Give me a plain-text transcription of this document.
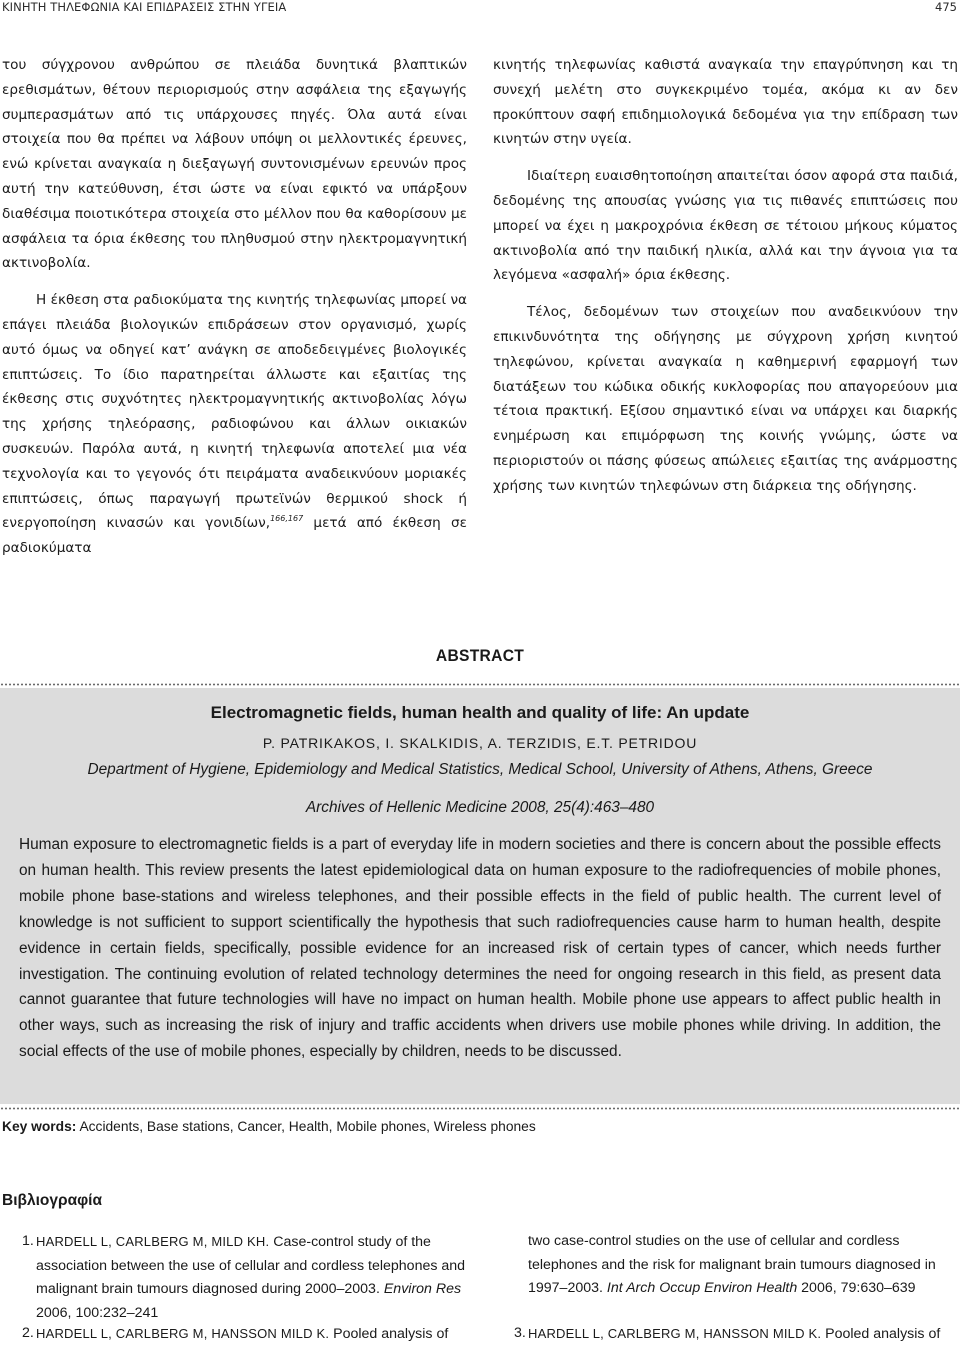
ΚΙΝΗΤΗ ΤΗΛΕΦΩΝΙΑ ΚΑΙ ΕΠΙΔΡΑΣΕΙΣ ΣΤΗΝ ΥΓΕΙΑ	475

του σύγχρονου ανθρώπου σε πλειάδα δυνητικά βλαπτικών ερεθισμάτων, θέτουν περιορισμούς στην ασφάλεια της εξαγωγής συμπερασμάτων από τις υπάρχουσες πηγές. Όλα αυτά είναι στοιχεία που θα πρέπει να λάβουν υπόψη οι μελλοντικές έρευνες, ενώ κρίνεται αναγκαία η διεξαγωγή συντονισμένων ερευνών προς αυτή την κατεύθυνση, έτσι ώστε να είναι εφικτό να υπάρξουν διαθέσιμα ποιοτικότερα στοιχεία στο μέλλον που θα καθορίσουν με ασφάλεια τα όρια έκθεσης του πληθυσμού στην ηλεκτρομαγνητική ακτινοβολία.

Η έκθεση στα ραδιοκύματα της κινητής τηλεφωνίας μπορεί να επάγει πλειάδα βιολογικών επιδράσεων στον οργανισμό, χωρίς αυτό όμως να οδηγεί κατ’ ανάγκη σε αποδεδειγμένες βιολογικές επιπτώσεις. Το ίδιο παρατηρείται άλλωστε και εξαιτίας της έκθεσης στις συχνότητες ηλεκτρομαγνητικής ακτινοβολίας λόγω της χρήσης τηλεόρασης, ραδιοφώνου και άλλων οικιακών συσκευών. Παρόλα αυτά, η κινητή τηλεφωνία αποτελεί μια νέα τεχνολογία και το γεγονός ότι πειράματα αναδεικνύουν μοριακές επιπτώσεις, όπως παραγωγή πρωτεϊνών θερμικού shock ή ενεργοποίηση κινασών και γονιδίων,$^{166,167}$ μετά από έκθεση σε ραδιοκύματα

κινητής τηλεφωνίας καθιστά αναγκαία την επαγρύπνηση και τη συνεχή μελέτη στο συγκεκριμένο τομέα, ακόμα κι αν δεν προκύπτουν σαφή επιδημιολογικά δεδομένα για την επίδραση των κινητών στην υγεία.

Ιδιαίτερη ευαισθητοποίηση απαιτείται όσον αφορά στα παιδιά, δεδομένης της απουσίας γνώσης για τις πιθανές επιπτώσεις που μπορεί να έχει η μακροχρόνια έκθεση σε τέτοιου μήκους κύματος ακτινοβολία από την παιδική ηλικία, αλλά και την άγνοια για τα λεγόμενα «ασφαλή» όρια έκθεσης.

Τέλος, δεδομένων των στοιχείων που αναδεικνύουν την επικινδυνότητα της οδήγησης με σύγχρονη χρήση κινητού τηλεφώνου, κρίνεται αναγκαία η καθημερινή εφαρμογή των διατάξεων του κώδικα οδικής κυκλοφορίας που απαγορεύουν μια τέτοια πρακτική. Εξίσου σημαντικό είναι να υπάρχει και διαρκής ενημέρωση και επιμόρφωση της κοινής γνώμης, ώστε να περιοριστούν οι πάσης φύσεως απώλειες εξαιτίας της ανάρμοστης χρήσης των κινητών τηλεφώνων στη διάρκεια της οδήγησης.

ABSTRACT
Electromagnetic fields, human health and quality of life: An update
P. PATRIKAKOS, I. SKALKIDIS, A. TERZIDIS, E.T. PETRIDOU
Department of Hygiene, Epidemiology and Medical Statistics, Medical School, University of Athens, Athens, Greece
Archives of Hellenic Medicine 2008, 25(4):463–480
Human exposure to electromagnetic fields is a part of everyday life in modern societies and there is concern about the possible effects on human health. This review presents the latest epidemiological data on human exposure to the radiofrequencies of mobile phones, mobile phone base-stations and wireless telephones, and their possible effects in the field of public health. The current level of knowledge is not sufficient to support scientifically the hypothesis that such radiofrequencies cause harm to human health, despite evidence in certain fields, specifically, possible evidence for an increased risk of certain types of cancer, which needs further investigation. The continuing evolution of related technology determines the need for ongoing research in this field, as present data cannot guarantee that future technologies will have no impact on human health. Mobile phone use appears to affect public health in other ways, such as increasing the risk of injury and traffic accidents when drivers use mobile phones while driving. In addition, the social effects of the use of mobile phones, especially by children, needs to be discussed.
Key words: Accidents, Base stations, Cancer, Health, Mobile phones, Wireless phones
Βιβλιογραφία
1. HARDELL L, CARLBERG M, MILD KH. Case-control study of the association between the use of cellular and cordless telephones and malignant brain tumours diagnosed during 2000–2003. Environ Res 2006, 100:232–241
2. HARDELL L, CARLBERG M, HANSSON MILD K. Pooled analysis of
two case-control studies on the use of cellular and cordless telephones and the risk for malignant brain tumours diagnosed in 1997–2003. Int Arch Occup Environ Health 2006, 79:630–639
3. HARDELL L, CARLBERG M, HANSSON MILD K. Pooled analysis of
